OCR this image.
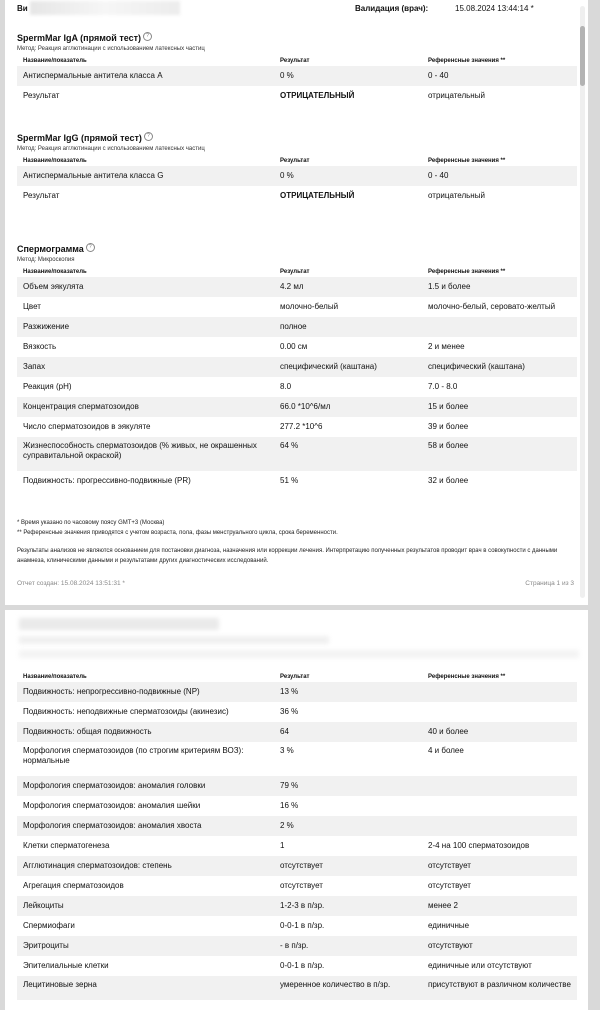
Ви	Валидация (врач):	15.08.2024 13:44:14 *
SpermMar IgA (прямой тест) ?
Метод: Реакция агглютинации с использованием латексных частиц
Название/показатель	Результат	Референсные значения **
Антиспермальные антитела класса А	0 %	0 - 40
Результат	ОТРИЦАТЕЛЬНЫЙ	отрицательный
SpermMar IgG (прямой тест) ?
Метод: Реакция агглютинации с использованием латексных частиц
Название/показатель	Результат	Референсные значения **
Антиспермальные антитела класса G	0 %	0 - 40
Результат	ОТРИЦАТЕЛЬНЫЙ	отрицательный
Спермограмма ?
Метод: Микроскопия
Название/показатель	Результат	Референсные значения **
Объем эякулята	4.2 мл	1.5 и более
Цвет	молочно-белый	молочно-белый, серовато-желтый
Разжижение	полное	
Вязкость	0.00 см	2 и менее
Запах	специфический (каштана)	специфический (каштана)
Реакция (pH)	8.0	7.0 - 8.0
Концентрация сперматозоидов	66.0 *10^6/мл	15 и более
Число сперматозоидов в эякуляте	277.2 *10^6	39 и более
Жизнеспособность сперматозоидов (% живых, не окрашенных суправитальной окраской)	64 %	58 и более
Подвижность: прогрессивно-подвижные (PR)	51 %	32 и более
* Время указано по часовому поясу GMT+3 (Москва)
** Референсные значения приводятся с учетом возраста, пола, фазы менструального цикла, срока беременности.
Результаты анализов не являются основанием для постановки диагноза, назначения или коррекции лечения. Интерпретацию полученных результатов проводит врач в совокупности с данными анамнеза, клиническими данными и результатами других диагностических исследований.
Отчет создан: 15.08.2024 13:51:31 *	Страница 1 из 3
Название/показатель	Результат	Референсные значения **
Подвижность: непрогрессивно-подвижные (NP)	13 %	
Подвижность: неподвижные сперматозоиды (акинезис)	36 %	
Подвижность: общая подвижность	64	40 и более
Морфология сперматозоидов (по строгим критериям ВОЗ): нормальные	3 %	4 и более
Морфология сперматозоидов: аномалия головки	79 %	
Морфология сперматозоидов: аномалия шейки	16 %	
Морфология сперматозоидов: аномалия хвоста	2 %	
Клетки сперматогенеза	1	2-4 на 100 сперматозоидов
Агглютинация сперматозоидов: степень	отсутствует	отсутствует
Агрегация сперматозоидов	отсутствует	отсутствует
Лейкоциты	1-2-3 в п/зр.	менее 2
Спермиофаги	0-0-1 в п/зр.	единичные
Эритроциты	- в п/зр.	отсутствуют
Эпителиальные клетки	0-0-1 в п/зр.	единичные или отсутствуют
Лецитиновые зерна	умеренное количество в п/зр.	присутствуют в различном количестве
